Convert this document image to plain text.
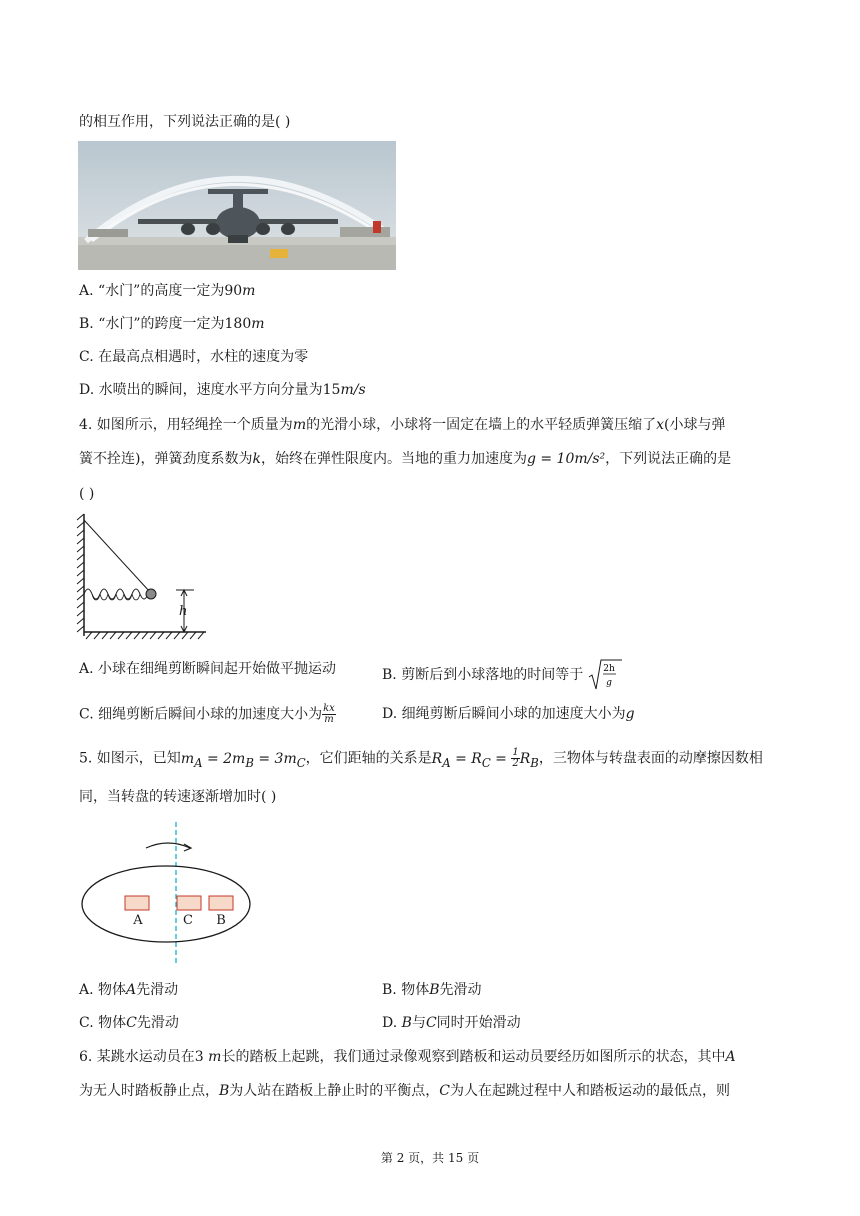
的相互作用，下列说法正确的是( )
A. “水门”的高度一定为90m
B. “水门”的跨度一定为180m
C. 在最高点相遇时，水柱的速度为零
D. 水喷出的瞬间，速度水平方向分量为15m/s
4. 如图所示，用轻绳拴一个质量为m的光滑小球，小球将一固定在墙上的水平轻质弹簧压缩了x(小球与弹
簧不拴连)，弹簧劲度系数为k，始终在弹性限度内。当地的重力加速度为g = 10m/s²，下列说法正确的是
( )
h
A. 小球在细绳剪断瞬间起开始做平抛运动	B. 剪断后到小球落地的时间等于 2h
g
C. 细绳剪断后瞬间小球的加速度大小为 $\frac{kx}{m}$	D. 细绳剪断后瞬间小球的加速度大小为g
5. 如图示，已知$m_A = 2m_B = 3m_C$，它们距轴的关系是$R_A = R_C = \frac{1}{2} R_B$，三物体与转盘表面的动摩擦因数相
同，当转盘的转速逐渐增加时( )
A	C B
A. 物体A先滑动	B. 物体B先滑动
C. 物体C先滑动	D. B与C同时开始滑动
6. 某跳水运动员在3 m长的踏板上起跳，我们通过录像观察到踏板和运动员要经历如图所示的状态，其中A
为无人时踏板静止点，B为人站在踏板上静止时的平衡点，C为人在起跳过程中人和踏板运动的最低点，则
第 2 页，共 15 页
